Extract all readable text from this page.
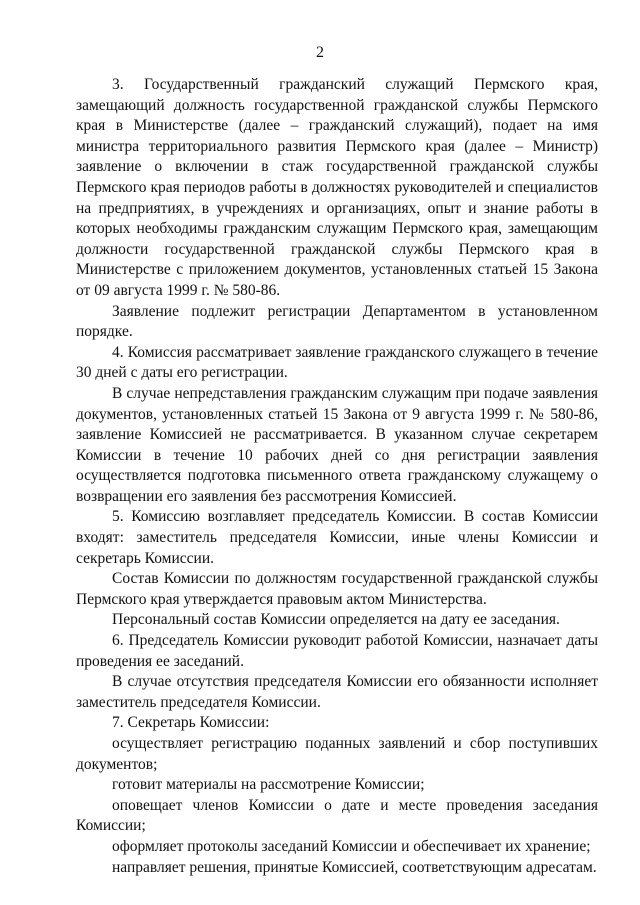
2

3. Государственный гражданский служащий Пермского края, замещающий должность государственной гражданской службы Пермского края в Министерстве (далее – гражданский служащий), подает на имя министра территориального развития Пермского края (далее – Министр) заявление о включении в стаж государственной гражданской службы Пермского края периодов работы в должностях руководителей и специалистов на предприятиях, в учреждениях и организациях, опыт и знание работы в которых необходимы гражданским служащим Пермского края, замещающим должности государственной гражданской службы Пермского края в Министерстве с приложением документов, установленных статьей 15 Закона от 09 августа 1999 г. № 580-86.

Заявление подлежит регистрации Департаментом в установленном порядке.

4. Комиссия рассматривает заявление гражданского служащего в течение 30 дней с даты его регистрации.

В случае непредставления гражданским служащим при подаче заявления документов, установленных статьей 15 Закона от 9 августа 1999 г. № 580-86, заявление Комиссией не рассматривается. В указанном случае секретарем Комиссии в течение 10 рабочих дней со дня регистрации заявления осуществляется подготовка письменного ответа гражданскому служащему о возвращении его заявления без рассмотрения Комиссией.

5. Комиссию возглавляет председатель Комиссии. В состав Комиссии входят: заместитель председателя Комиссии, иные члены Комиссии и секретарь Комиссии.

Состав Комиссии по должностям государственной гражданской службы Пермского края утверждается правовым актом Министерства.

Персональный состав Комиссии определяется на дату ее заседания.

6. Председатель Комиссии руководит работой Комиссии, назначает даты проведения ее заседаний.

В случае отсутствия председателя Комиссии его обязанности исполняет заместитель председателя Комиссии.

7. Секретарь Комиссии:

осуществляет регистрацию поданных заявлений и сбор поступивших документов;

готовит материалы на рассмотрение Комиссии;

оповещает членов Комиссии о дате и месте проведения заседания Комиссии;

оформляет протоколы заседаний Комиссии и обеспечивает их хранение;

направляет решения, принятые Комиссией, соответствующим адресатам.
